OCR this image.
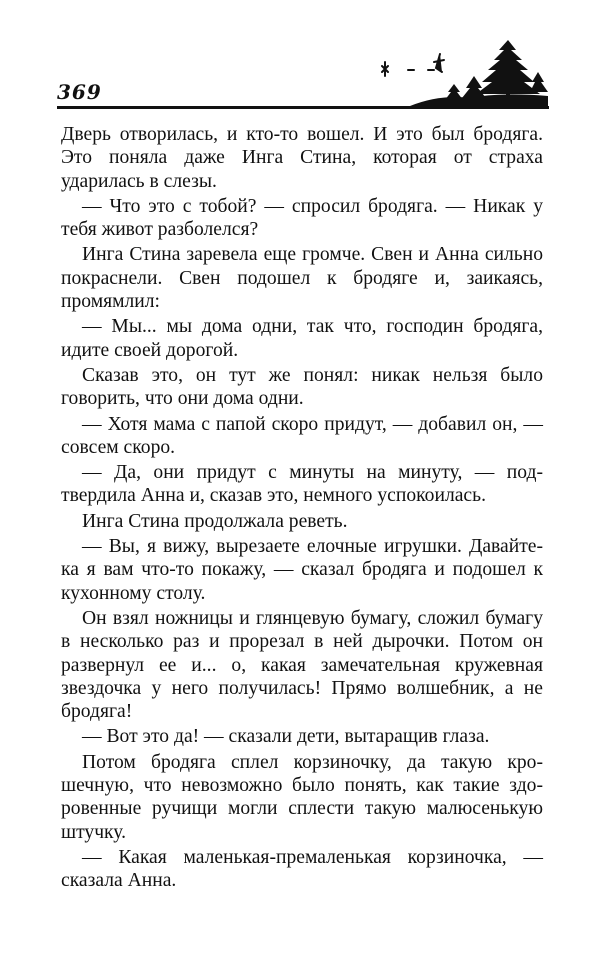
369

Дверь отворилась, и кто-то вошел. И это был бродяга. Это поняла даже Инга Стина, которая от страха ударилась в слезы.

— Что это с тобой? — спросил бродяга. — Никак у тебя живот разболелся?

Инга Стина заревела еще громче. Свен и Анна сильно покраснели. Свен подошел к бродяге и, заикаясь, промямлил:

— Мы... мы дома одни, так что, господин бродяга, идите своей дорогой.

Сказав это, он тут же понял: никак нельзя было говорить, что они дома одни.

— Хотя мама с папой скоро придут, — добавил он, — совсем скоро.

— Да, они придут с минуты на минуту, — подтвердила Анна и, сказав это, немного успокоилась.

Инга Стина продолжала реветь.

— Вы, я вижу, вырезаете елочные игрушки. Давайте-ка я вам что-то покажу, — сказал бродяга и подошел к кухонному столу.

Он взял ножницы и глянцевую бумагу, сложил бумагу в несколько раз и прорезал в ней дырочки. Потом он развернул ее и... о, какая замечательная кружевная звездочка у него получилась! Прямо волшебник, а не бродяга!

— Вот это да! — сказали дети, вытаращив глаза.

Потом бродяга сплел корзиночку, да такую крошечную, что невозможно было понять, как такие здоровенные ручищи могли сплести такую малюсенькую штучку.

— Какая маленькая-премаленькая корзиночка, — сказала Анна.
